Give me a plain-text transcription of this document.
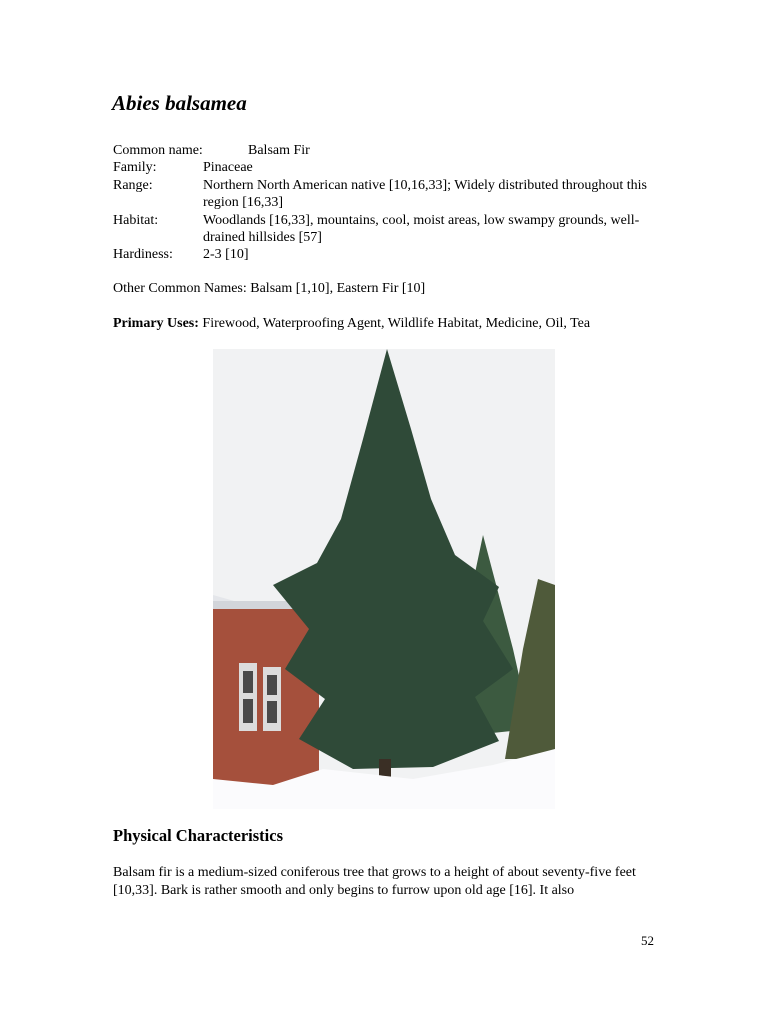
Abies balsamea
Common name:	Balsam Fir
Family:	Pinaceae
Range:	Northern North American native [10,16,33]; Widely distributed throughout this region [16,33]
Habitat:	Woodlands [16,33], mountains, cool, moist areas, low swampy grounds, well-drained hillsides [57]
Hardiness: 2-3 [10]
Other Common Names: Balsam [1,10], Eastern Fir [10]
Primary Uses: Firewood, Waterproofing Agent, Wildlife Habitat, Medicine, Oil, Tea
Physical Characteristics
Balsam fir is a medium-sized coniferous tree that grows to a height of about seventy-five feet [10,33]. Bark is rather smooth and only begins to furrow upon old age [16]. It also
52
